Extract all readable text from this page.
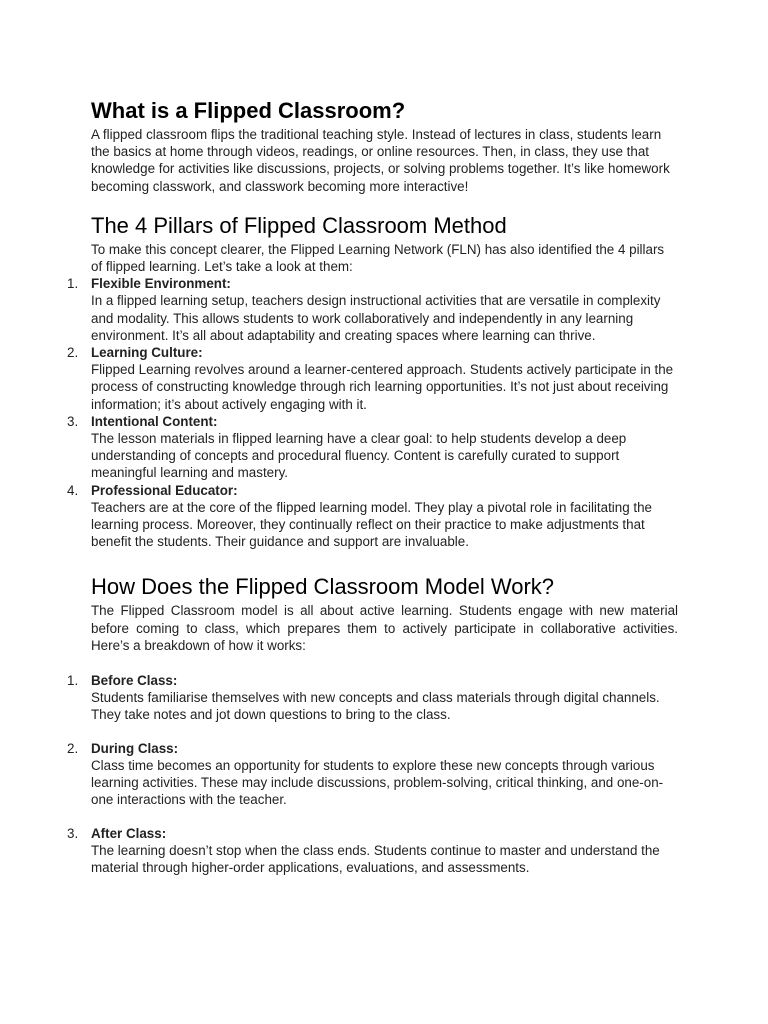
What is a Flipped Classroom?

A flipped classroom flips the traditional teaching style. Instead of lectures in class, students learn the basics at home through videos, readings, or online resources. Then, in class, they use that knowledge for activities like discussions, projects, or solving problems together. It’s like homework becoming classwork, and classwork becoming more interactive!

The 4 Pillars of Flipped Classroom Method

To make this concept clearer, the Flipped Learning Network (FLN) has also identified the 4 pillars of flipped learning. Let’s take a look at them:

1. Flexible Environment:

In a flipped learning setup, teachers design instructional activities that are versatile in complexity and modality. This allows students to work collaboratively and independently in any learning environment. It’s all about adaptability and creating spaces where learning can thrive.

2. Learning Culture:

Flipped Learning revolves around a learner-centered approach. Students actively participate in the process of constructing knowledge through rich learning opportunities. It’s not just about receiving information; it’s about actively engaging with it.

3. Intentional Content:

The lesson materials in flipped learning have a clear goal: to help students develop a deep understanding of concepts and procedural fluency. Content is carefully curated to support meaningful learning and mastery.

4. Professional Educator:

Teachers are at the core of the flipped learning model. They play a pivotal role in facilitating the learning process. Moreover, they continually reflect on their practice to make adjustments that benefit the students. Their guidance and support are invaluable.

How Does the Flipped Classroom Model Work?

The Flipped Classroom model is all about active learning. Students engage with new material before coming to class, which prepares them to actively participate in collaborative activities. Here’s a breakdown of how it works:

1. Before Class:

Students familiarise themselves with new concepts and class materials through digital channels. They take notes and jot down questions to bring to the class.

2. During Class:

Class time becomes an opportunity for students to explore these new concepts through various learning activities. These may include discussions, problem-solving, critical thinking, and one-on-one interactions with the teacher.

3. After Class:

The learning doesn’t stop when the class ends. Students continue to master and understand the material through higher-order applications, evaluations, and assessments.
